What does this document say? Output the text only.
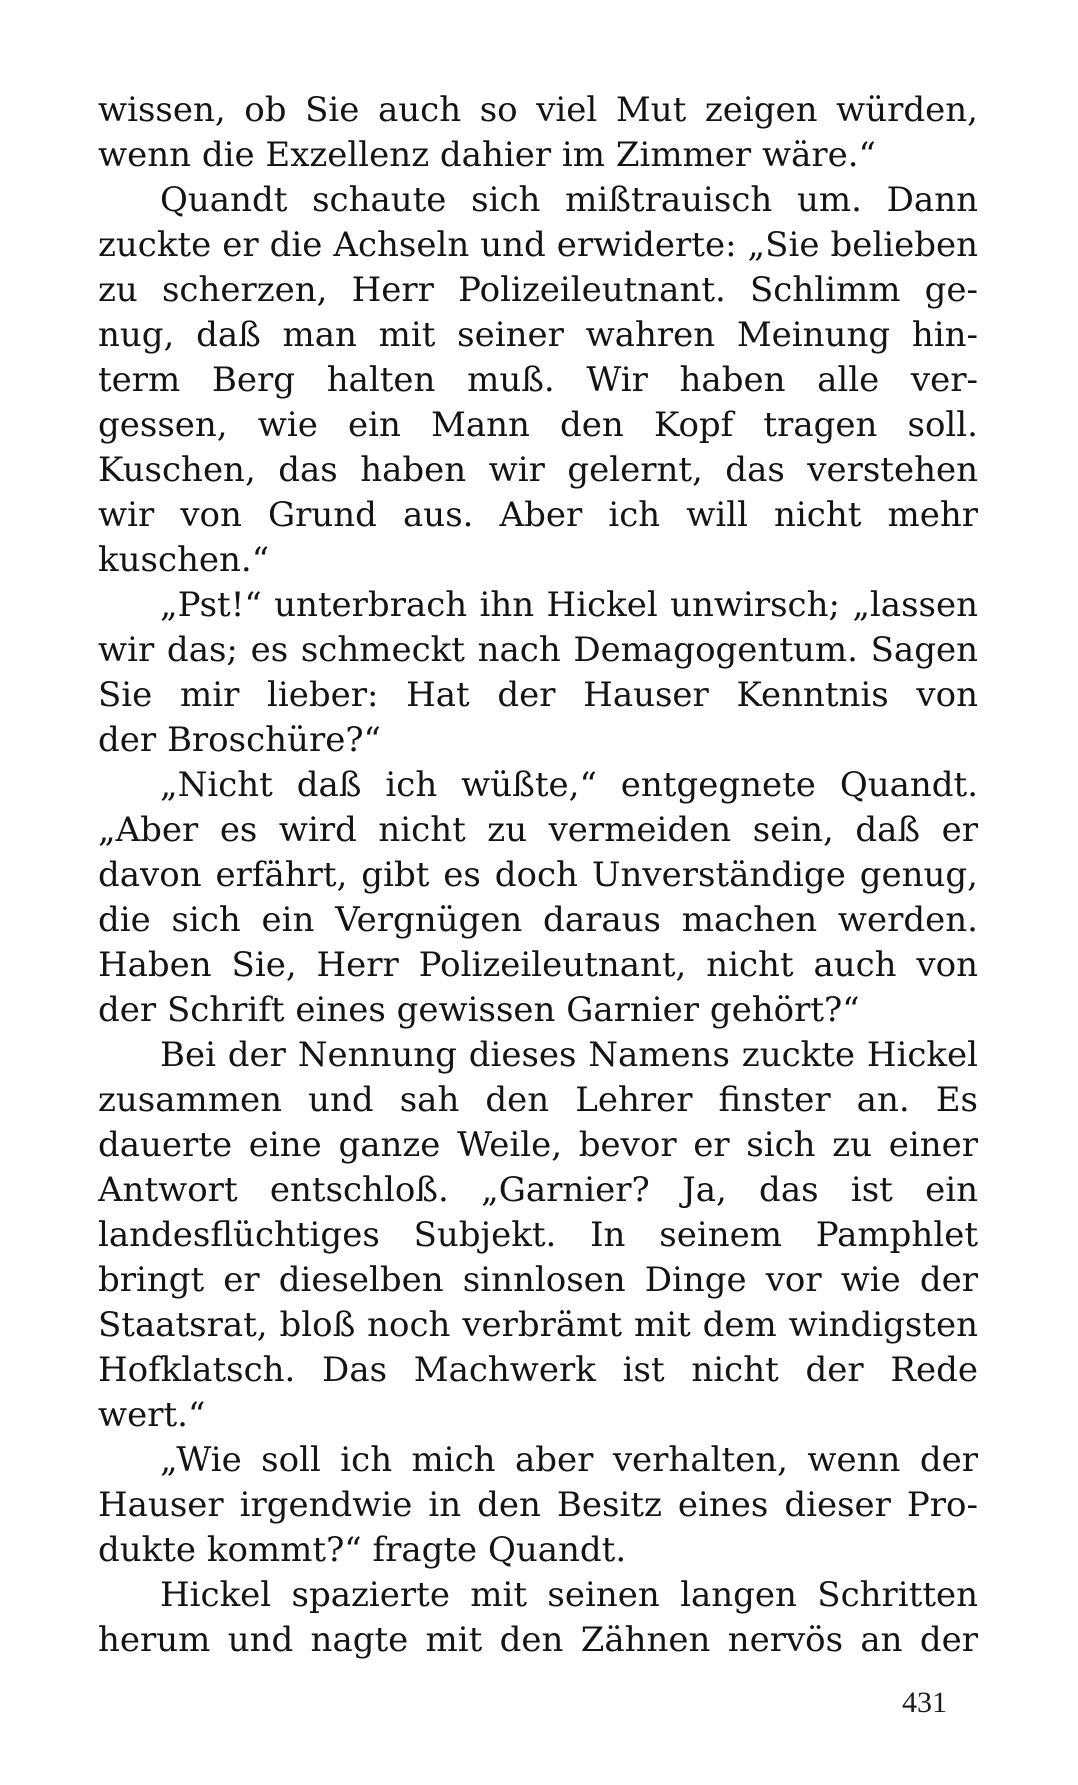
wissen, ob Sie auch so viel Mut zeigen würden,
wenn die Exzellenz dahier im Zimmer wäre.“
Quandt schaute sich mißtrauisch um. Dann
zuckte er die Achseln und erwiderte: „Sie belieben
zu scherzen, Herr Polizeileutnant. Schlimm ge-
nug, daß man mit seiner wahren Meinung hin-
term Berg halten muß. Wir haben alle ver-
gessen, wie ein Mann den Kopf tragen soll.
Kuschen, das haben wir gelernt, das verstehen
wir von Grund aus. Aber ich will nicht mehr
kuschen.“
„Pst!“ unterbrach ihn Hickel unwirsch; „lassen
wir das; es schmeckt nach Demagogentum. Sagen
Sie mir lieber: Hat der Hauser Kenntnis von
der Broschüre?“
„Nicht daß ich wüßte,“ entgegnete Quandt.
„Aber es wird nicht zu vermeiden sein, daß er
davon erfährt, gibt es doch Unverständige genug,
die sich ein Vergnügen daraus machen werden.
Haben Sie, Herr Polizeileutnant, nicht auch von
der Schrift eines gewissen Garnier gehört?“
Bei der Nennung dieses Namens zuckte Hickel
zusammen und sah den Lehrer finster an. Es
dauerte eine ganze Weile, bevor er sich zu einer
Antwort entschloß. „Garnier? Ja, das ist ein
landesflüchtiges Subjekt. In seinem Pamphlet
bringt er dieselben sinnlosen Dinge vor wie der
Staatsrat, bloß noch verbrämt mit dem windigsten
Hofklatsch. Das Machwerk ist nicht der Rede
wert.“
„Wie soll ich mich aber verhalten, wenn der
Hauser irgendwie in den Besitz eines dieser Pro-
dukte kommt?“ fragte Quandt.
Hickel spazierte mit seinen langen Schritten
herum und nagte mit den Zähnen nervös an der
431
